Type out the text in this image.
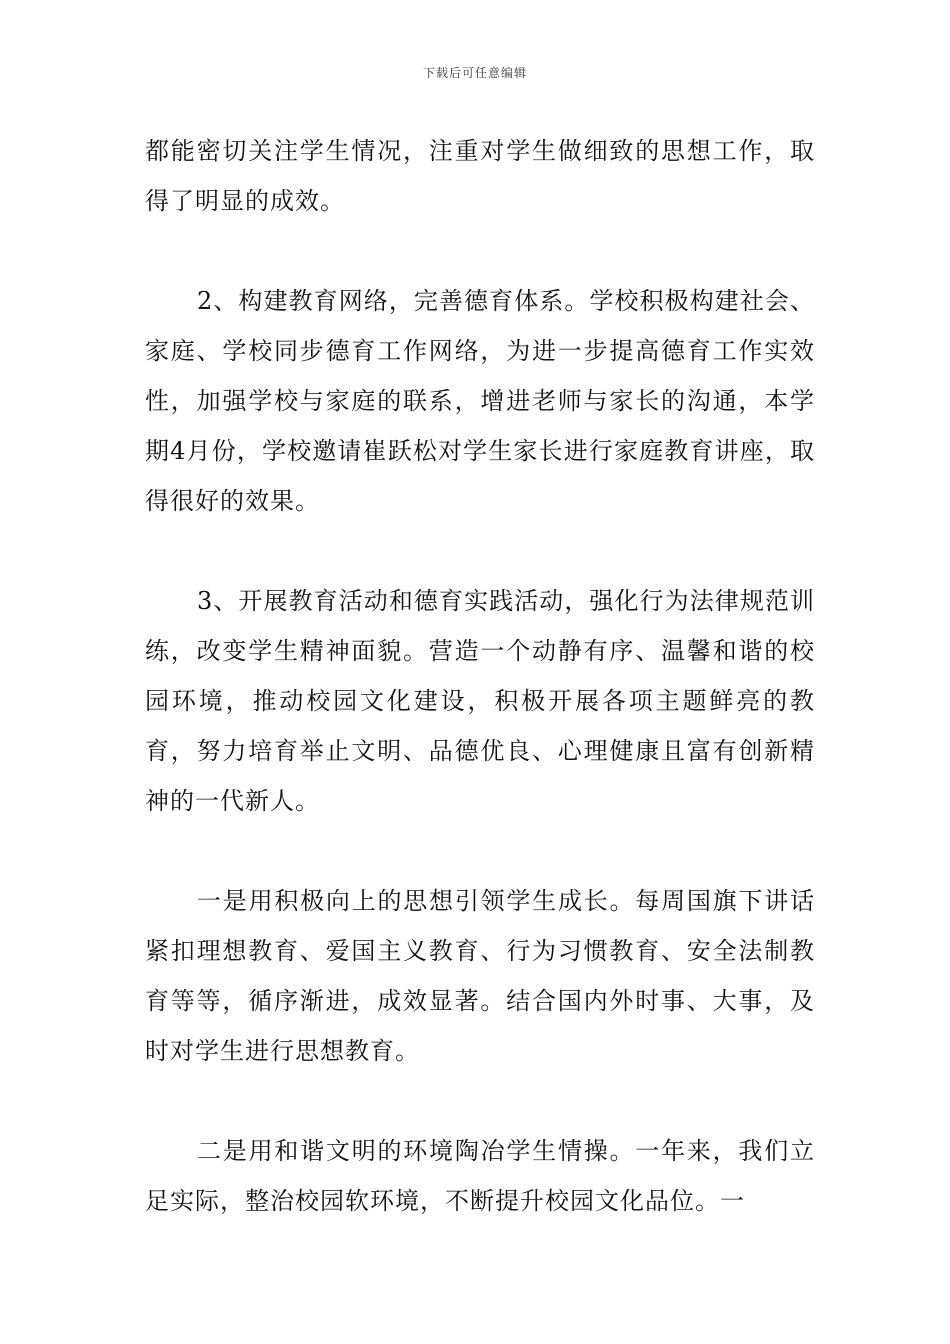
下载后可任意编辑

都能密切关注学生情况，注重对学生做细致的思想工作，取得了明显的成效。

2、构建教育网络，完善德育体系。学校积极构建社会、家庭、学校同步德育工作网络，为进一步提高德育工作实效性，加强学校与家庭的联系，增进老师与家长的沟通，本学期4月份，学校邀请崔跃松对学生家长进行家庭教育讲座，取得很好的效果。

3、开展教育活动和德育实践活动，强化行为法律规范训练，改变学生精神面貌。营造一个动静有序、温馨和谐的校园环境，推动校园文化建设，积极开展各项主题鲜亮的教育，努力培育举止文明、品德优良、心理健康且富有创新精神的一代新人。

一是用积极向上的思想引领学生成长。每周国旗下讲话紧扣理想教育、爱国主义教育、行为习惯教育、安全法制教育等等，循序渐进，成效显著。结合国内外时事、大事，及时对学生进行思想教育。

二是用和谐文明的环境陶冶学生情操。一年来，我们立足实际，整治校园软环境，不断提升校园文化品位。一
